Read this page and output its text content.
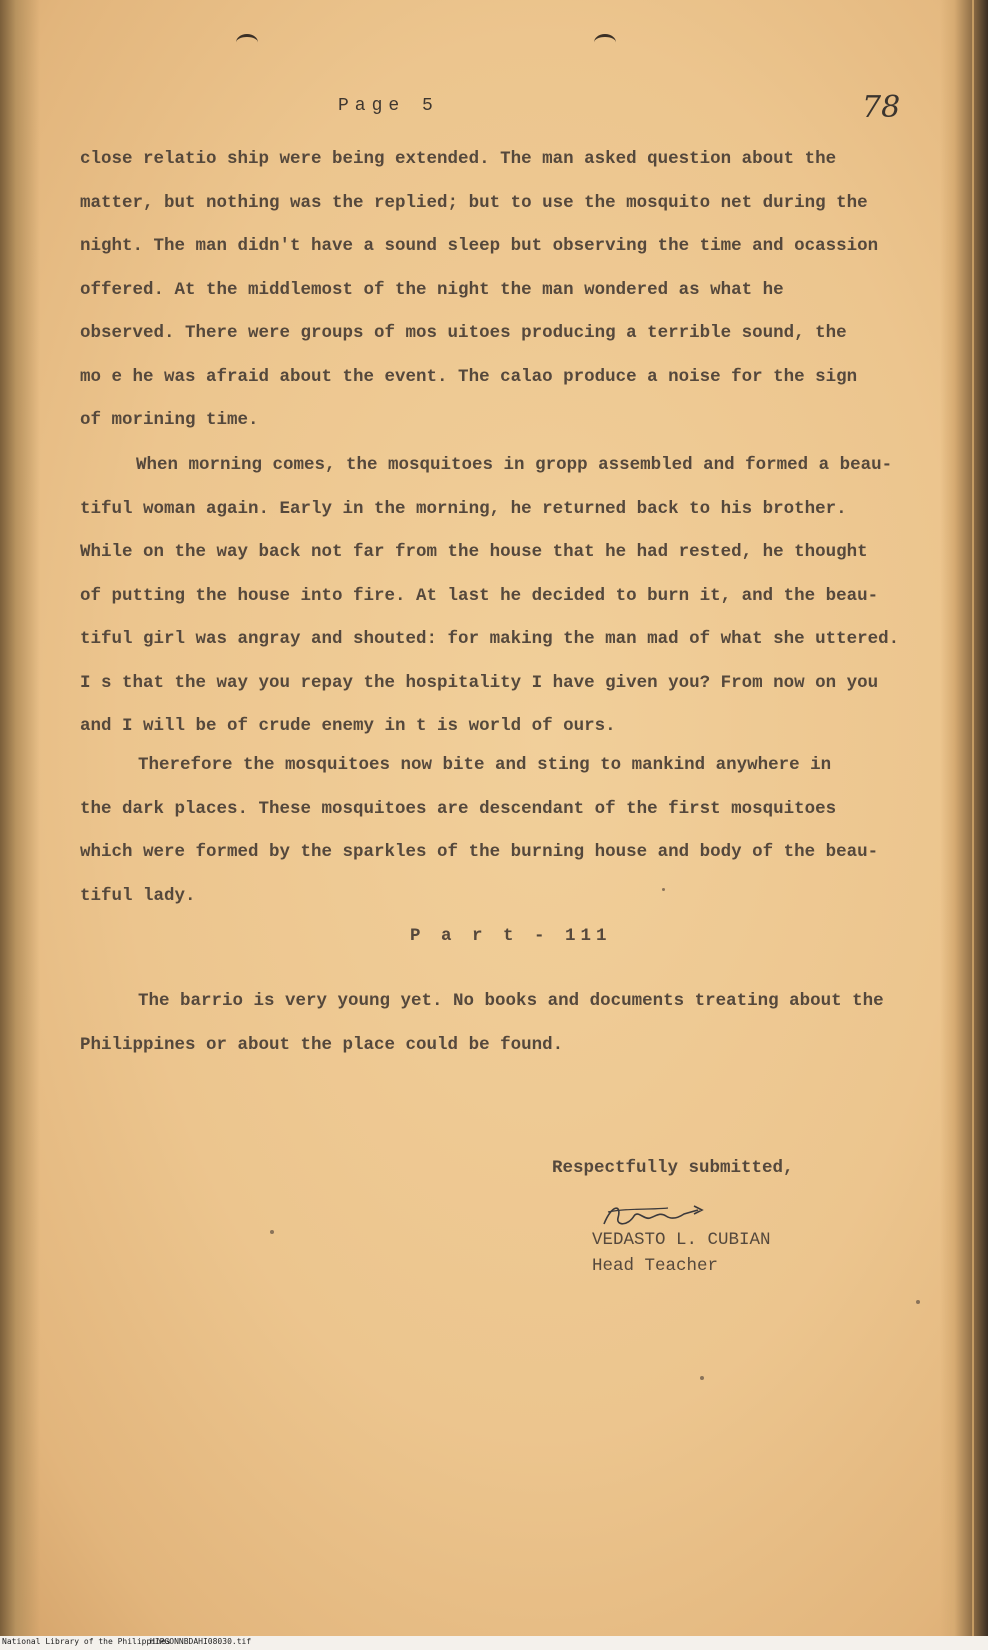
Page 5	78

close relatio ship were being extended. The man asked question about the
matter, but nothing was the replied; but to use the mosquito net during the
night. The man didn't have a sound sleep but observing the time and ocassion
offered. At the middlemost of the night the man wondered as what he
observed. There were groups of mos uitoes producing a terrible sound, the
mo e he was afraid about the event. The calao produce a noise for the sign
of morining time.

When morning comes, the mosquitoes in gropp assembled and formed a beau-
tiful woman again. Early in the morning, he returned back to his brother.
While on the way back not far from the house that he had rested, he thought
of putting the house into fire. At last he decided to burn it, and the beau-
tiful girl was angray and shouted: for making the man mad of what she uttered.
I s that the way you repay the hospitality I have given you? From now on you
and I will be of crude enemy in t is world of ours.

Therefore the mosquitoes now bite and sting to mankind anywhere in
the dark places. These mosquitoes are descendant of the first mosquitoes
which were formed by the sparkles of the burning house and body of the beau-
tiful lady.

P a r t - 111

The barrio is very young yet. No books and documents treating about the
Philippines or about the place could be found.

Respectfully submitted,
VEDASTO L. CUBIAN
Head Teacher
National Library of the Philippines
HIPGONNBDAHI08030.tif
